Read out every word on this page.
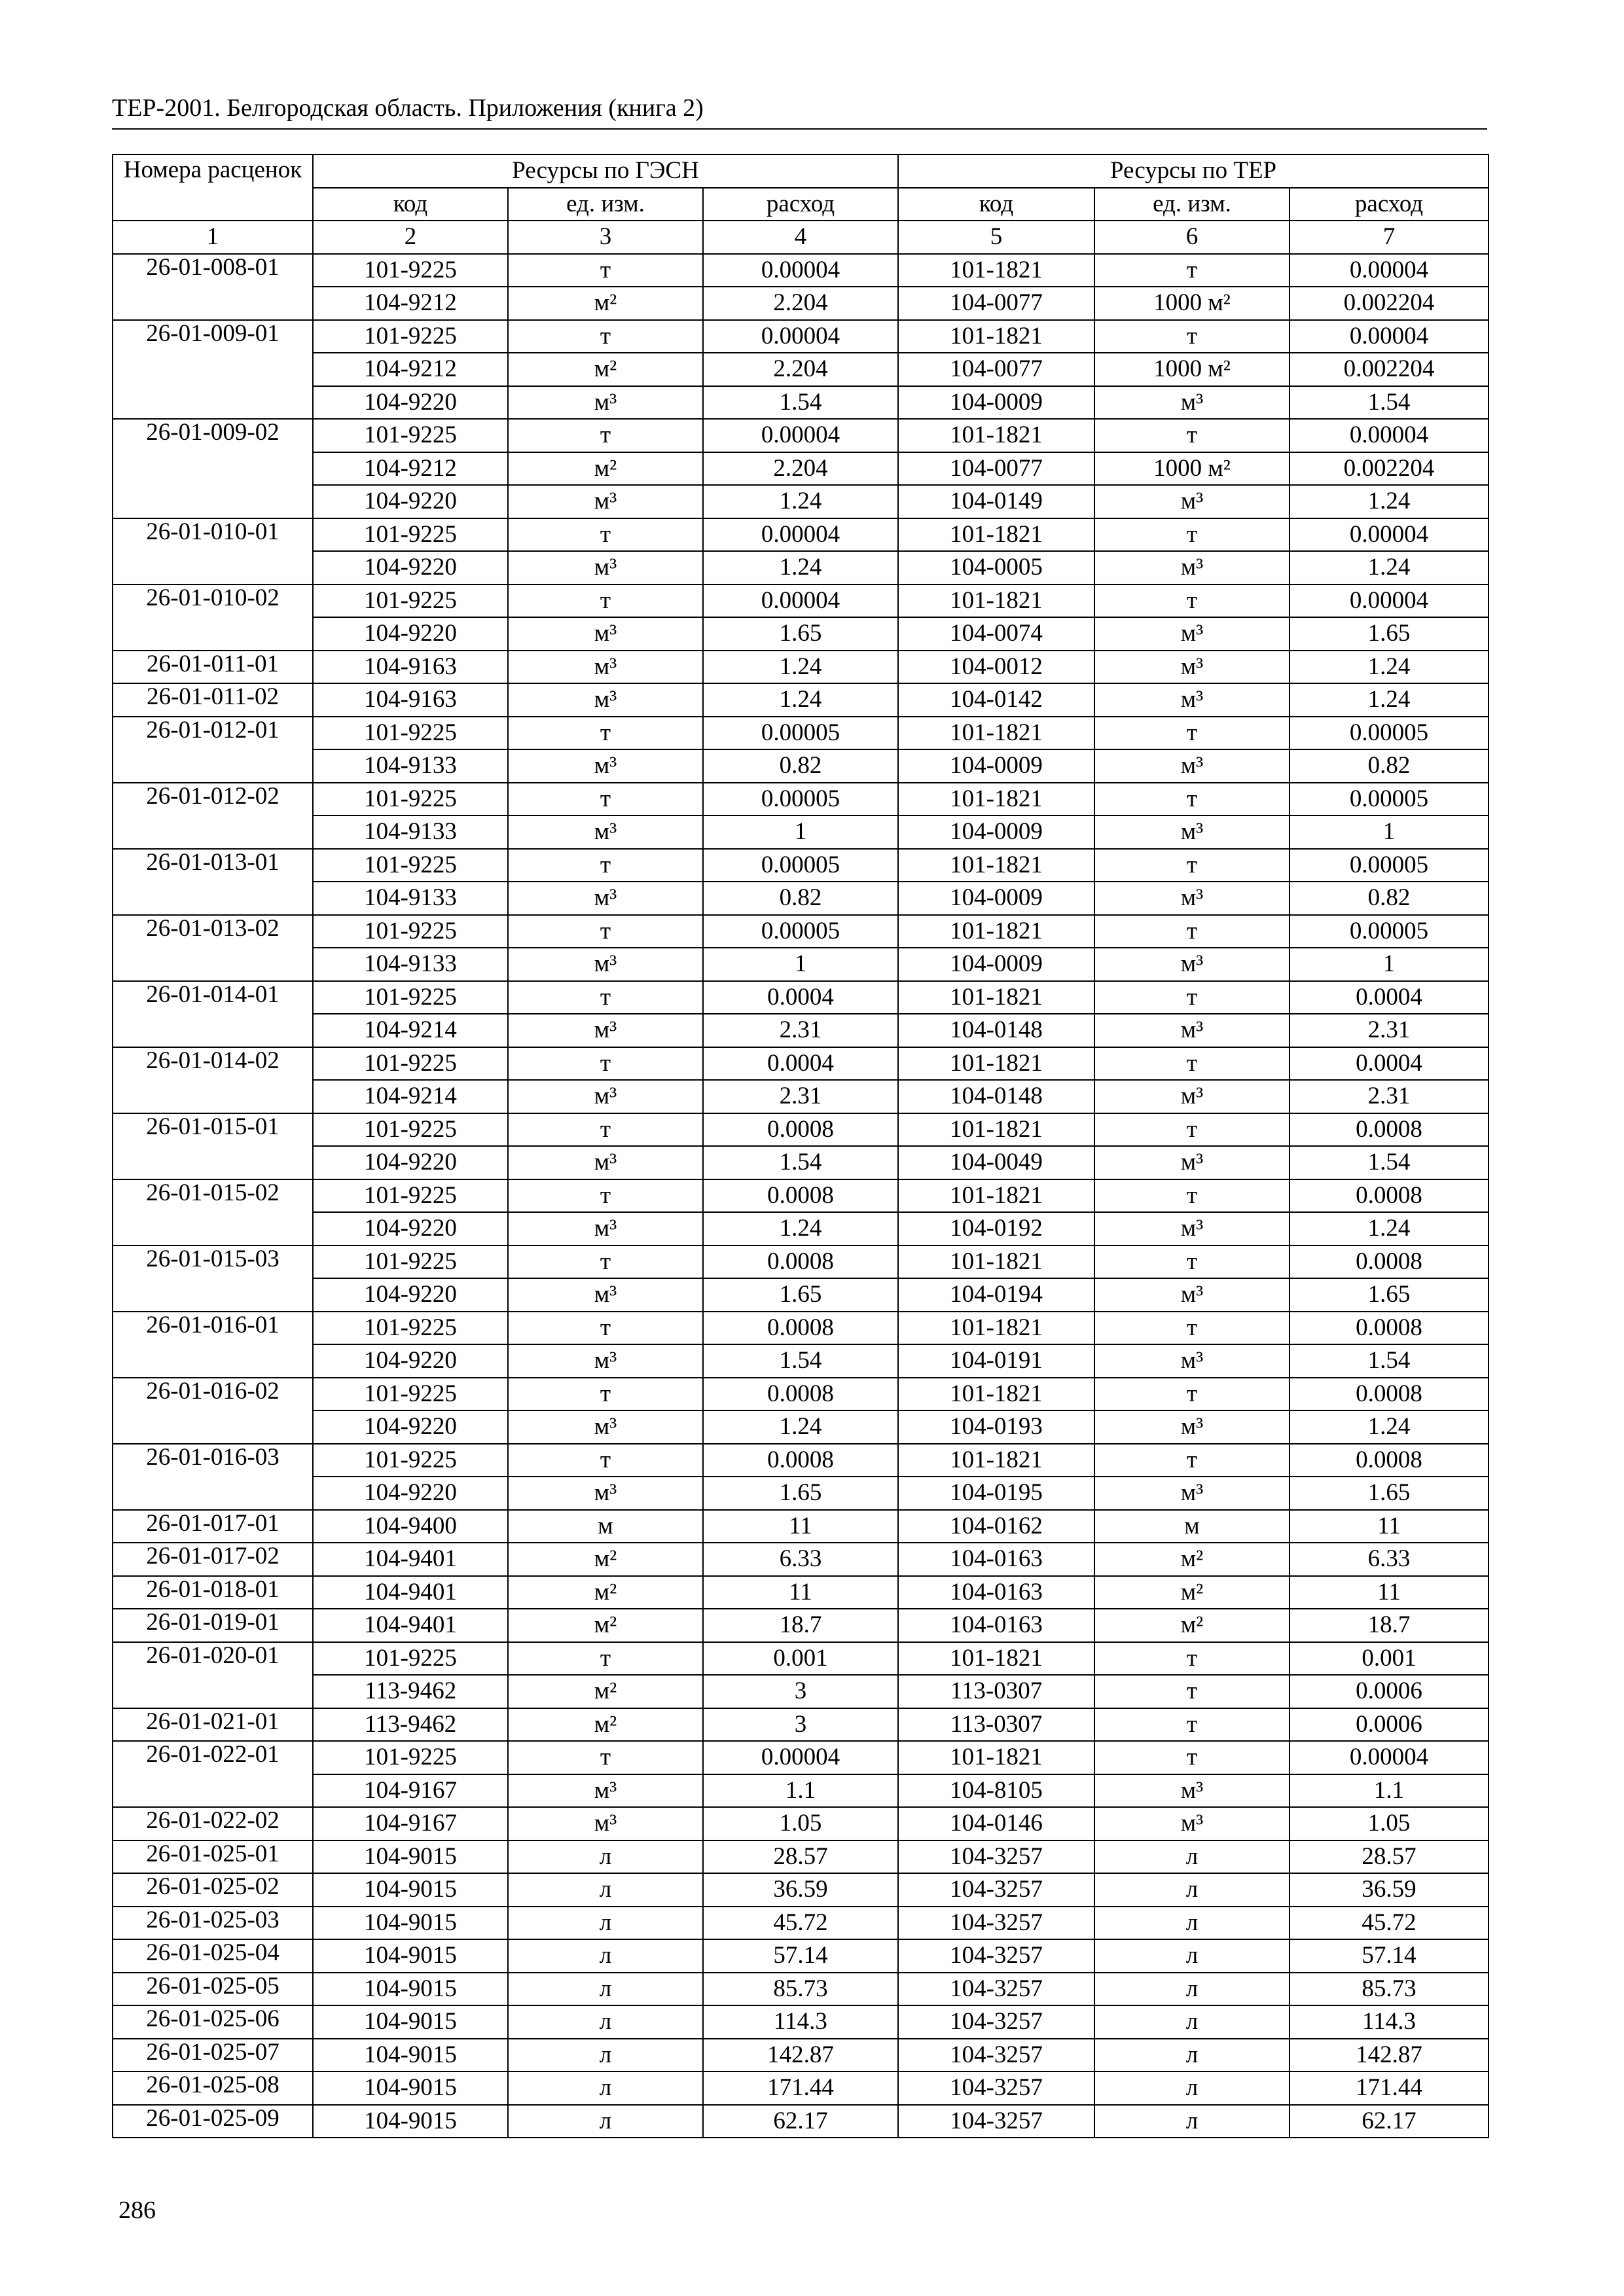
ТЕР-2001. Белгородская область. Приложения (книга 2)
Номера расценок	Ресурсы по ГЭСН			Ресурсы по ТЕР		
	код	ед. изм.	расход	код	ед. изм.	расход
1	2	3	4	5	6	7
26-01-008-01	101-9225	т	0.00004	101-1821	т	0.00004
	104-9212	м²	2.204	104-0077	1000 м²	0.002204
26-01-009-01	101-9225	т	0.00004	101-1821	т	0.00004
	104-9212	м²	2.204	104-0077	1000 м²	0.002204
	104-9220	м³	1.54	104-0009	м³	1.54
26-01-009-02	101-9225	т	0.00004	101-1821	т	0.00004
	104-9212	м²	2.204	104-0077	1000 м²	0.002204
	104-9220	м³	1.24	104-0149	м³	1.24
26-01-010-01	101-9225	т	0.00004	101-1821	т	0.00004
	104-9220	м³	1.24	104-0005	м³	1.24
26-01-010-02	101-9225	т	0.00004	101-1821	т	0.00004
	104-9220	м³	1.65	104-0074	м³	1.65
26-01-011-01	104-9163	м³	1.24	104-0012	м³	1.24
26-01-011-02	104-9163	м³	1.24	104-0142	м³	1.24
26-01-012-01	101-9225	т	0.00005	101-1821	т	0.00005
	104-9133	м³	0.82	104-0009	м³	0.82
26-01-012-02	101-9225	т	0.00005	101-1821	т	0.00005
	104-9133	м³	1	104-0009	м³	1
26-01-013-01	101-9225	т	0.00005	101-1821	т	0.00005
	104-9133	м³	0.82	104-0009	м³	0.82
26-01-013-02	101-9225	т	0.00005	101-1821	т	0.00005
	104-9133	м³	1	104-0009	м³	1
26-01-014-01	101-9225	т	0.0004	101-1821	т	0.0004
	104-9214	м³	2.31	104-0148	м³	2.31
26-01-014-02	101-9225	т	0.0004	101-1821	т	0.0004
	104-9214	м³	2.31	104-0148	м³	2.31
26-01-015-01	101-9225	т	0.0008	101-1821	т	0.0008
	104-9220	м³	1.54	104-0049	м³	1.54
26-01-015-02	101-9225	т	0.0008	101-1821	т	0.0008
	104-9220	м³	1.24	104-0192	м³	1.24
26-01-015-03	101-9225	т	0.0008	101-1821	т	0.0008
	104-9220	м³	1.65	104-0194	м³	1.65
26-01-016-01	101-9225	т	0.0008	101-1821	т	0.0008
	104-9220	м³	1.54	104-0191	м³	1.54
26-01-016-02	101-9225	т	0.0008	101-1821	т	0.0008
	104-9220	м³	1.24	104-0193	м³	1.24
26-01-016-03	101-9225	т	0.0008	101-1821	т	0.0008
	104-9220	м³	1.65	104-0195	м³	1.65
26-01-017-01	104-9400	м	11	104-0162	м	11
26-01-017-02	104-9401	м²	6.33	104-0163	м²	6.33
26-01-018-01	104-9401	м²	11	104-0163	м²	11
26-01-019-01	104-9401	м²	18.7	104-0163	м²	18.7
26-01-020-01	101-9225	т	0.001	101-1821	т	0.001
	113-9462	м²	3	113-0307	т	0.0006
26-01-021-01	113-9462	м²	3	113-0307	т	0.0006
26-01-022-01	101-9225	т	0.00004	101-1821	т	0.00004
	104-9167	м³	1.1	104-8105	м³	1.1
26-01-022-02	104-9167	м³	1.05	104-0146	м³	1.05
26-01-025-01	104-9015	л	28.57	104-3257	л	28.57
26-01-025-02	104-9015	л	36.59	104-3257	л	36.59
26-01-025-03	104-9015	л	45.72	104-3257	л	45.72
26-01-025-04	104-9015	л	57.14	104-3257	л	57.14
26-01-025-05	104-9015	л	85.73	104-3257	л	85.73
26-01-025-06	104-9015	л	114.3	104-3257	л	114.3
26-01-025-07	104-9015	л	142.87	104-3257	л	142.87
26-01-025-08	104-9015	л	171.44	104-3257	л	171.44
26-01-025-09	104-9015	л	62.17	104-3257	л	62.17
286
